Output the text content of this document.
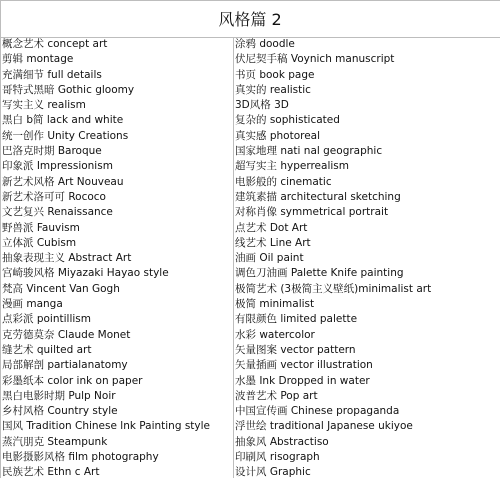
风格篇 2
概念艺术 concept art
剪辑 montage
充满细节 full details
哥特式黑暗 Gothic gloomy
写实主义 realism
黑白 b简 lack and white
统一创作 Unity Creations
巴洛克时期 Baroque
印象派 Impressionism
新艺术风格 Art Nouveau
新艺术洛可可 Rococo
文艺复兴 Renaissance
野兽派 Fauvism
立体派 Cubism
抽象表现主义 Abstract Art
宫崎骏风格 Miyazaki Hayao style
梵高 Vincent Van Gogh
漫画 manga
点彩派 pointillism
克劳德莫奈 Claude Monet
缝艺术 quilted art
局部解剖 partialanatomy
彩墨纸本 color ink on paper
黑白电影时期 Pulp Noir
乡村风格 Country style
国风 Tradition Chinese lnk Painting style
蒸汽朋克 Steampunk
电影摄影风格 film photography
民族艺术 Ethn c Art
涂鸦 doodle
伏尼契手稿 Voynich manuscript
书页 book page
真实的 realistic
3D风格 3D
复杂的 sophisticated
真实感 photoreal
国家地理 nati nal geographic
超写实主 hyperrealism
电影般的 cinematic
建筑素描 architectural sketching
对称肖像 symmetrical portrait
点艺术 Dot Art
线艺术 Line Art
油画 Oil paint
调色刀油画 Palette Knife painting
极简艺术 (3极简主义壁纸)minimalist art
极简 minimalist
有限颜色 limited palette
水彩 watercolor
矢量图案 vector pattern
矢量插画 vector illustration
水墨 Ink Dropped in water
波普艺术 Pop art
中国宣传画 Chinese propaganda
浮世绘 traditional Japanese ukiyoe
抽象风 Abstractiso
印刷风 risograph
设计风 Graphic
